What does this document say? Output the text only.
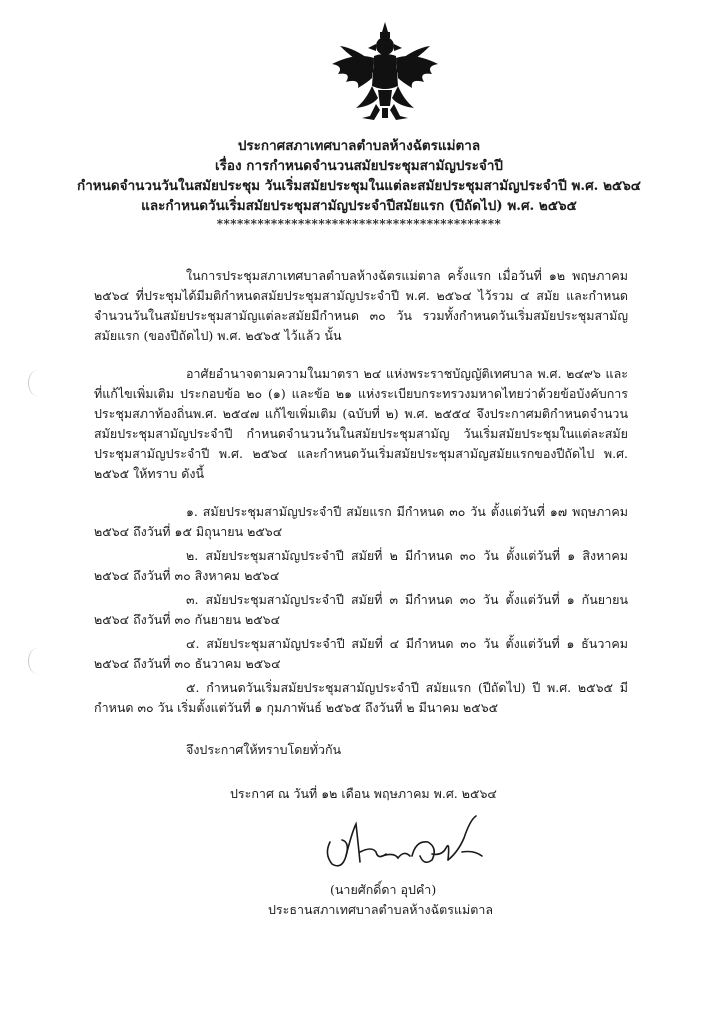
ประกาศสภาเทศบาลตำบลห้างฉัตรแม่ตาล
เรื่อง การกำหนดจำนวนสมัยประชุมสามัญประจำปี
กำหนดจำนวนวันในสมัยประชุม วันเริ่มสมัยประชุมในแต่ละสมัยประชุมสามัญประจำปี พ.ศ. ๒๕๖๔
และกำหนดวันเริ่มสมัยประชุมสามัญประจำปีสมัยแรก (ปีถัดไป) พ.ศ. ๒๕๖๕
******************************************

ในการประชุมสภาเทศบาลตำบลห้างฉัตรแม่ตาล ครั้งแรก เมื่อวันที่ ๑๒ พฤษภาคม ๒๕๖๔ ที่ประชุมได้มีมติกำหนดสมัยประชุมสามัญประจำปี พ.ศ. ๒๕๖๔ ไว้รวม ๔ สมัย และกำหนดจำนวนวันในสมัยประชุมสามัญแต่ละสมัยมีกำหนด ๓๐ วัน รวมทั้งกำหนดวันเริ่มสมัยประชุมสามัญสมัยแรก (ของปีถัดไป) พ.ศ. ๒๕๖๕ ไว้แล้ว นั้น

อาศัยอำนาจตามความในมาตรา ๒๔ แห่งพระราชบัญญัติเทศบาล พ.ศ. ๒๔๙๖ และที่แก้ไขเพิ่มเติม ประกอบข้อ ๒๐ (๑) และข้อ ๒๑ แห่งระเบียบกระทรวงมหาดไทยว่าด้วยข้อบังคับการประชุมสภาท้องถิ่นพ.ศ. ๒๕๔๗ แก้ไขเพิ่มเติม (ฉบับที่ ๒) พ.ศ. ๒๕๕๔ จึงประกาศมติกำหนดจำนวนสมัยประชุมสามัญประจำปี กำหนดจำนวนวันในสมัยประชุมสามัญ วันเริ่มสมัยประชุมในแต่ละสมัยประชุมสามัญประจำปี พ.ศ. ๒๕๖๔ และกำหนดวันเริ่มสมัยประชุมสามัญสมัยแรกของปีถัดไป พ.ศ. ๒๕๖๕ ให้ทราบ ดังนี้

๑. สมัยประชุมสามัญประจำปี สมัยแรก มีกำหนด ๓๐ วัน ตั้งแต่วันที่ ๑๗ พฤษภาคม ๒๕๖๔ ถึงวันที่ ๑๕ มิถุนายน ๒๕๖๔

๒. สมัยประชุมสามัญประจำปี สมัยที่ ๒ มีกำหนด ๓๐ วัน ตั้งแต่วันที่ ๑ สิงหาคม ๒๕๖๔ ถึงวันที่ ๓๐ สิงหาคม ๒๕๖๔

๓. สมัยประชุมสามัญประจำปี สมัยที่ ๓ มีกำหนด ๓๐ วัน ตั้งแต่วันที่ ๑ กันยายน ๒๕๖๔ ถึงวันที่ ๓๐ กันยายน ๒๕๖๔

๔. สมัยประชุมสามัญประจำปี สมัยที่ ๔ มีกำหนด ๓๐ วัน ตั้งแต่วันที่ ๑ ธันวาคม ๒๕๖๔ ถึงวันที่ ๓๐ ธันวาคม ๒๕๖๔

๕. กำหนดวันเริ่มสมัยประชุมสามัญประจำปี สมัยแรก (ปีถัดไป) ปี พ.ศ. ๒๕๖๕ มีกำหนด ๓๐ วัน เริ่มตั้งแต่วันที่ ๑ กุมภาพันธ์ ๒๕๖๕ ถึงวันที่ ๒ มีนาคม ๒๕๖๕

จึงประกาศให้ทราบโดยทั่วกัน
ประกาศ ณ วันที่ ๑๒ เดือน พฤษภาคม พ.ศ. ๒๕๖๔
(นายศักดิ์ดา อุปคำ)
ประธานสภาเทศบาลตำบลห้างฉัตรแม่ตาล
